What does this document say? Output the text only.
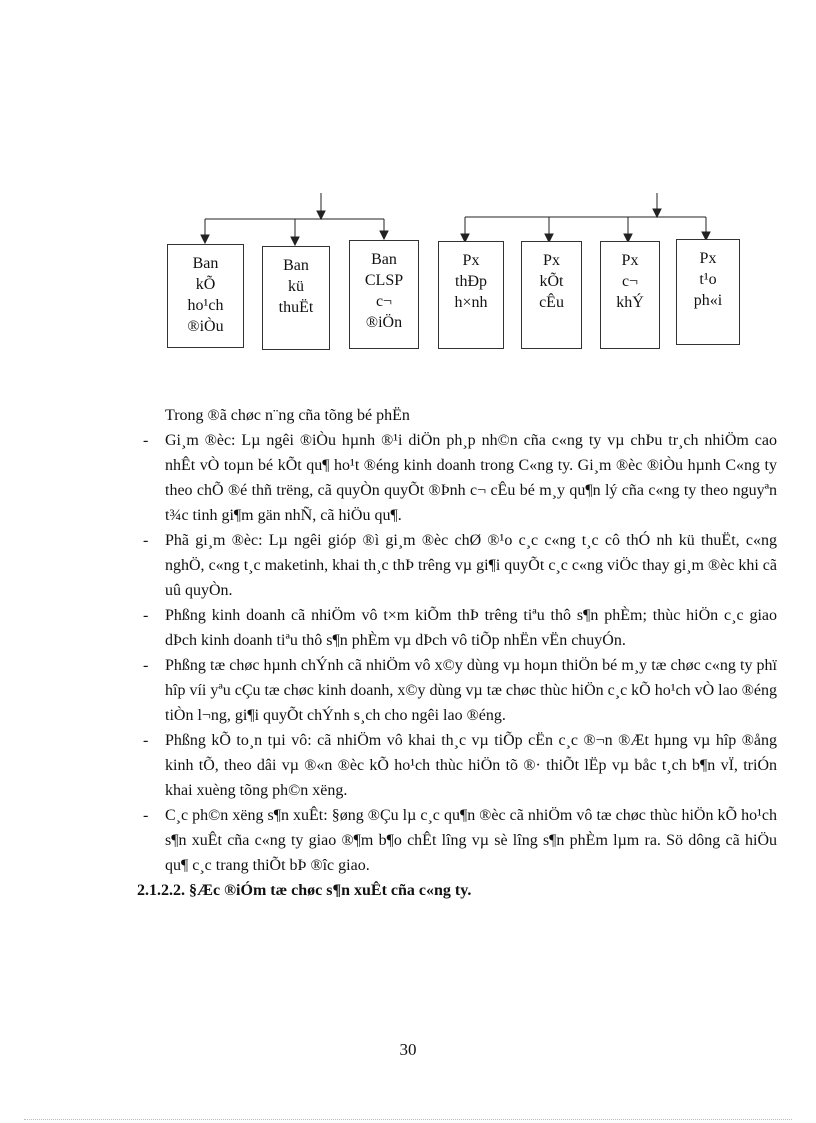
Ban
kÕ
ho¹ch
®iÒu
Ban
kü
thuËt
Ban
CLSP
c¬
®iÖn
Px
thÐp
h×nh
Px
kÕt
cÊu
Px
c¬
khÝ
Px
t¹o
ph«i

Trong ®ã chøc n¨ng cña tõng bé phËn

- Gi¸m ®èc: Lµ ngêi ®iÒu hµnh ®¹i diÖn ph¸p nh©n cña c«ng ty vµ chÞu tr¸ch nhiÖm cao nhÊt vÒ toµn bé kÕt qu¶ ho¹t ®éng kinh doanh trong C«ng ty. Gi¸m ®èc ®iÒu hµnh C«ng ty theo chÕ ®é thñ trëng, cã quyÒn quyÕt ®Þnh c¬ cÊu bé m¸y qu¶n lý cña c«ng ty theo nguyªn t¾c tinh gi¶m gän nhÑ, cã hiÖu qu¶.

- Phã gi¸m ®èc: Lµ ngêi gióp ®ì gi¸m ®èc chØ ®¹o c¸c c«ng t¸c cô thÓ nh kü thuËt, c«ng nghÖ, c«ng t¸c maketinh, khai th¸c thÞ trêng vµ gi¶i quyÕt c¸c c«ng viÖc thay gi¸m ®èc khi cã uû quyÒn.

- Phßng kinh doanh cã nhiÖm vô t×m kiÕm thÞ trêng tiªu thô s¶n phÈm; thùc hiÖn c¸c giao dÞch kinh doanh tiªu thô s¶n phÈm vµ dÞch vô tiÕp nhËn vËn chuyÓn.

- Phßng tæ chøc hµnh chÝnh cã nhiÖm vô x©y dùng vµ hoµn thiÖn bé m¸y tæ chøc c«ng ty phï hîp víi yªu cÇu tæ chøc kinh doanh, x©y dùng vµ tæ chøc thùc hiÖn c¸c kÕ ho¹ch vÒ lao ®éng tiÒn l¬ng, gi¶i quyÕt chÝnh s¸ch cho ngêi lao ®éng.

- Phßng kÕ to¸n tµi vô: cã nhiÖm vô khai th¸c vµ tiÕp cËn c¸c ®¬n ®Æt hµng vµ hîp ®ång kinh tÕ, theo dâi vµ ®«n ®èc kÕ ho¹ch thùc hiÖn tõ ®· thiÕt lËp vµ båc t¸ch b¶n vÏ, triÓn khai xuèng tõng ph©n xëng.

- C¸c ph©n xëng s¶n xuÊt: §øng ®Çu lµ c¸c qu¶n ®èc cã nhiÖm vô tæ chøc thùc hiÖn kÕ ho¹ch s¶n xuÊt cña c«ng ty giao ®¶m b¶o chÊt lîng vµ sè lîng s¶n phÈm lµm ra. Sö dông cã hiÖu qu¶ c¸c trang thiÕt bÞ ®îc giao.

2.1.2.2. §Æc ®iÓm tæ chøc s¶n xuÊt cña c«ng ty.

30
